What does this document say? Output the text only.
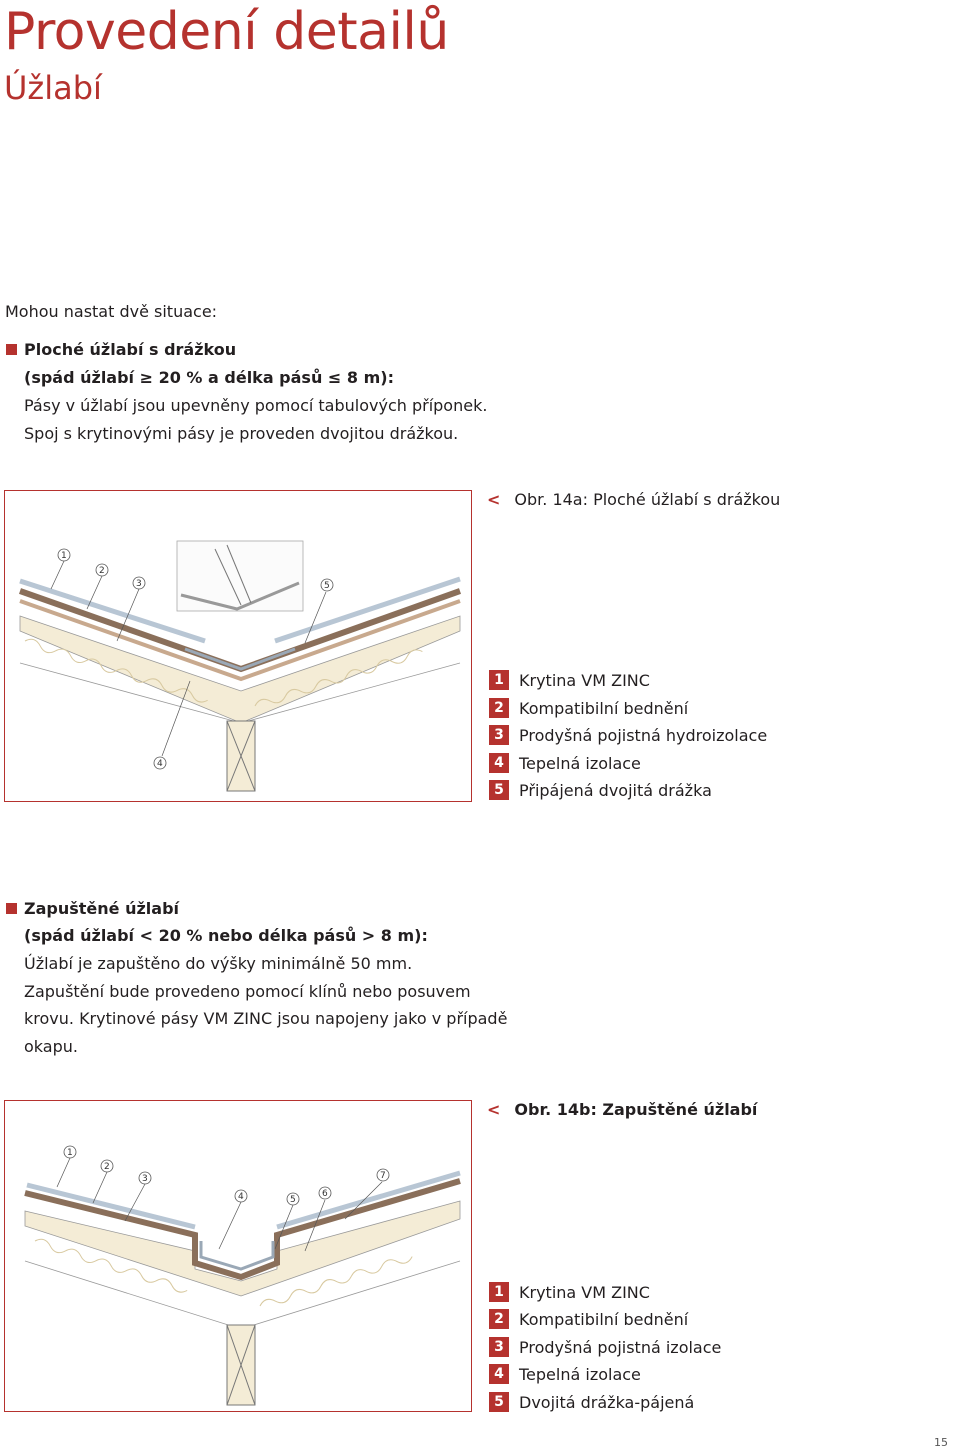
Provedení detailů
Úžlabí
Mohou nastat dvě situace:
Ploché úžlabí s drážkou
(spád úžlabí ≥ 20 % a délka pásů ≤ 8 m):
Pásy v úžlabí jsou upevněny pomocí tabulových příponek.
Spoj s krytinovými pásy je proveden dvojitou drážkou.
1
2
3
4
5
< Obr. 14a: Ploché úžlabí s drážkou
1 Krytina VM ZINC
2 Kompatibilní bednění
3 Prodyšná pojistná hydroizolace
4 Tepelná izolace
5 Připájená dvojitá drážka
Zapuštěné úžlabí
(spád úžlabí < 20 % nebo délka pásů > 8 m):
Úžlabí je zapuštěno do výšky minimálně 50 mm.
Zapuštění bude provedeno pomocí klínů nebo posuvem
krovu. Krytinové pásy VM ZINC jsou napojeny jako v případě
okapu.
1
2
3
4	5
6
7
< Obr. 14b: Zapuštěné úžlabí
1 Krytina VM ZINC
2 Kompatibilní bednění
3 Prodyšná pojistná izolace
4 Tepelná izolace
5 Dvojitá drážka-pájená
15
